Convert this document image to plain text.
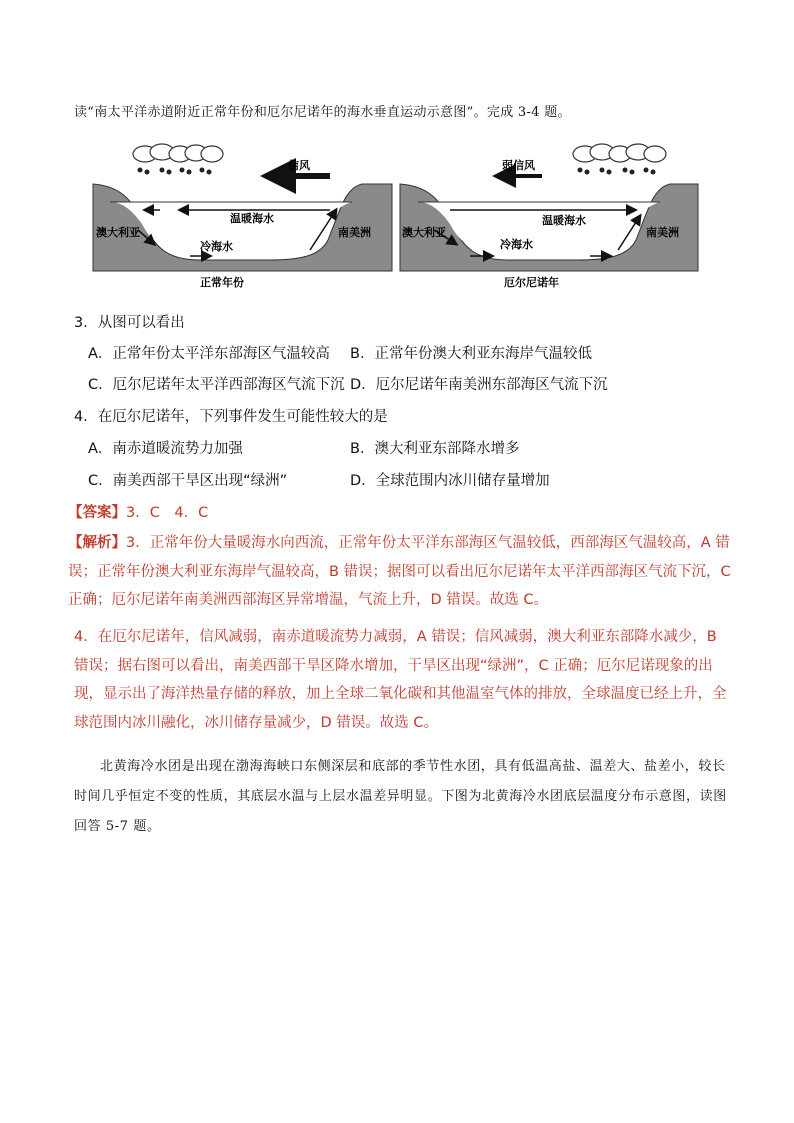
读“南太平洋赤道附近正常年份和厄尔尼诺年的海水垂直运动示意图”。完成 3-4 题。
信风
温暖海水
冷海水
澳大利亚	南美洲
正常年份
弱信风
温暖海水
冷海水
澳大利亚	南美洲
厄尔尼诺年
3．从图可以看出
A．正常年份太平洋东部海区气温较高 B．正常年份澳大利亚东海岸气温较低
C．厄尔尼诺年太平洋西部海区气流下沉 D．厄尔尼诺年南美洲东部海区气流下沉
4．在厄尔尼诺年，下列事件发生可能性较大的是
A．南赤道暖流势力加强	B．澳大利亚东部降水增多
C．南美西部干旱区出现“绿洲”	D．全球范围内冰川储存量增加
【答案】3．C　4．C
【解析】3．正常年份大量暖海水向西流，正常年份太平洋东部海区气温较低，西部海区气温较高，A 错误；正常年份澳大利亚东海岸气温较高，B 错误；据图可以看出厄尔尼诺年太平洋西部海区气流下沉，C 正确；厄尔尼诺年南美洲西部海区异常增温，气流上升，D 错误。故选 C。
4．在厄尔尼诺年，信风减弱，南赤道暖流势力减弱，A 错误；信风减弱，澳大利亚东部降水减少，B 错误；据右图可以看出，南美西部干旱区降水增加，干旱区出现“绿洲”，C 正确；厄尔尼诺现象的出现，显示出了海洋热量存储的释放，加上全球二氧化碳和其他温室气体的排放，全球温度已经上升，全球范围内冰川融化，冰川储存量减少，D 错误。故选 C。
北黄海冷水团是出现在渤海海峡口东侧深层和底部的季节性水团，具有低温高盐、温差大、盐差小，较长时间几乎恒定不变的性质，其底层水温与上层水温差异明显。下图为北黄海冷水团底层温度分布示意图，读图回答 5-7 题。
